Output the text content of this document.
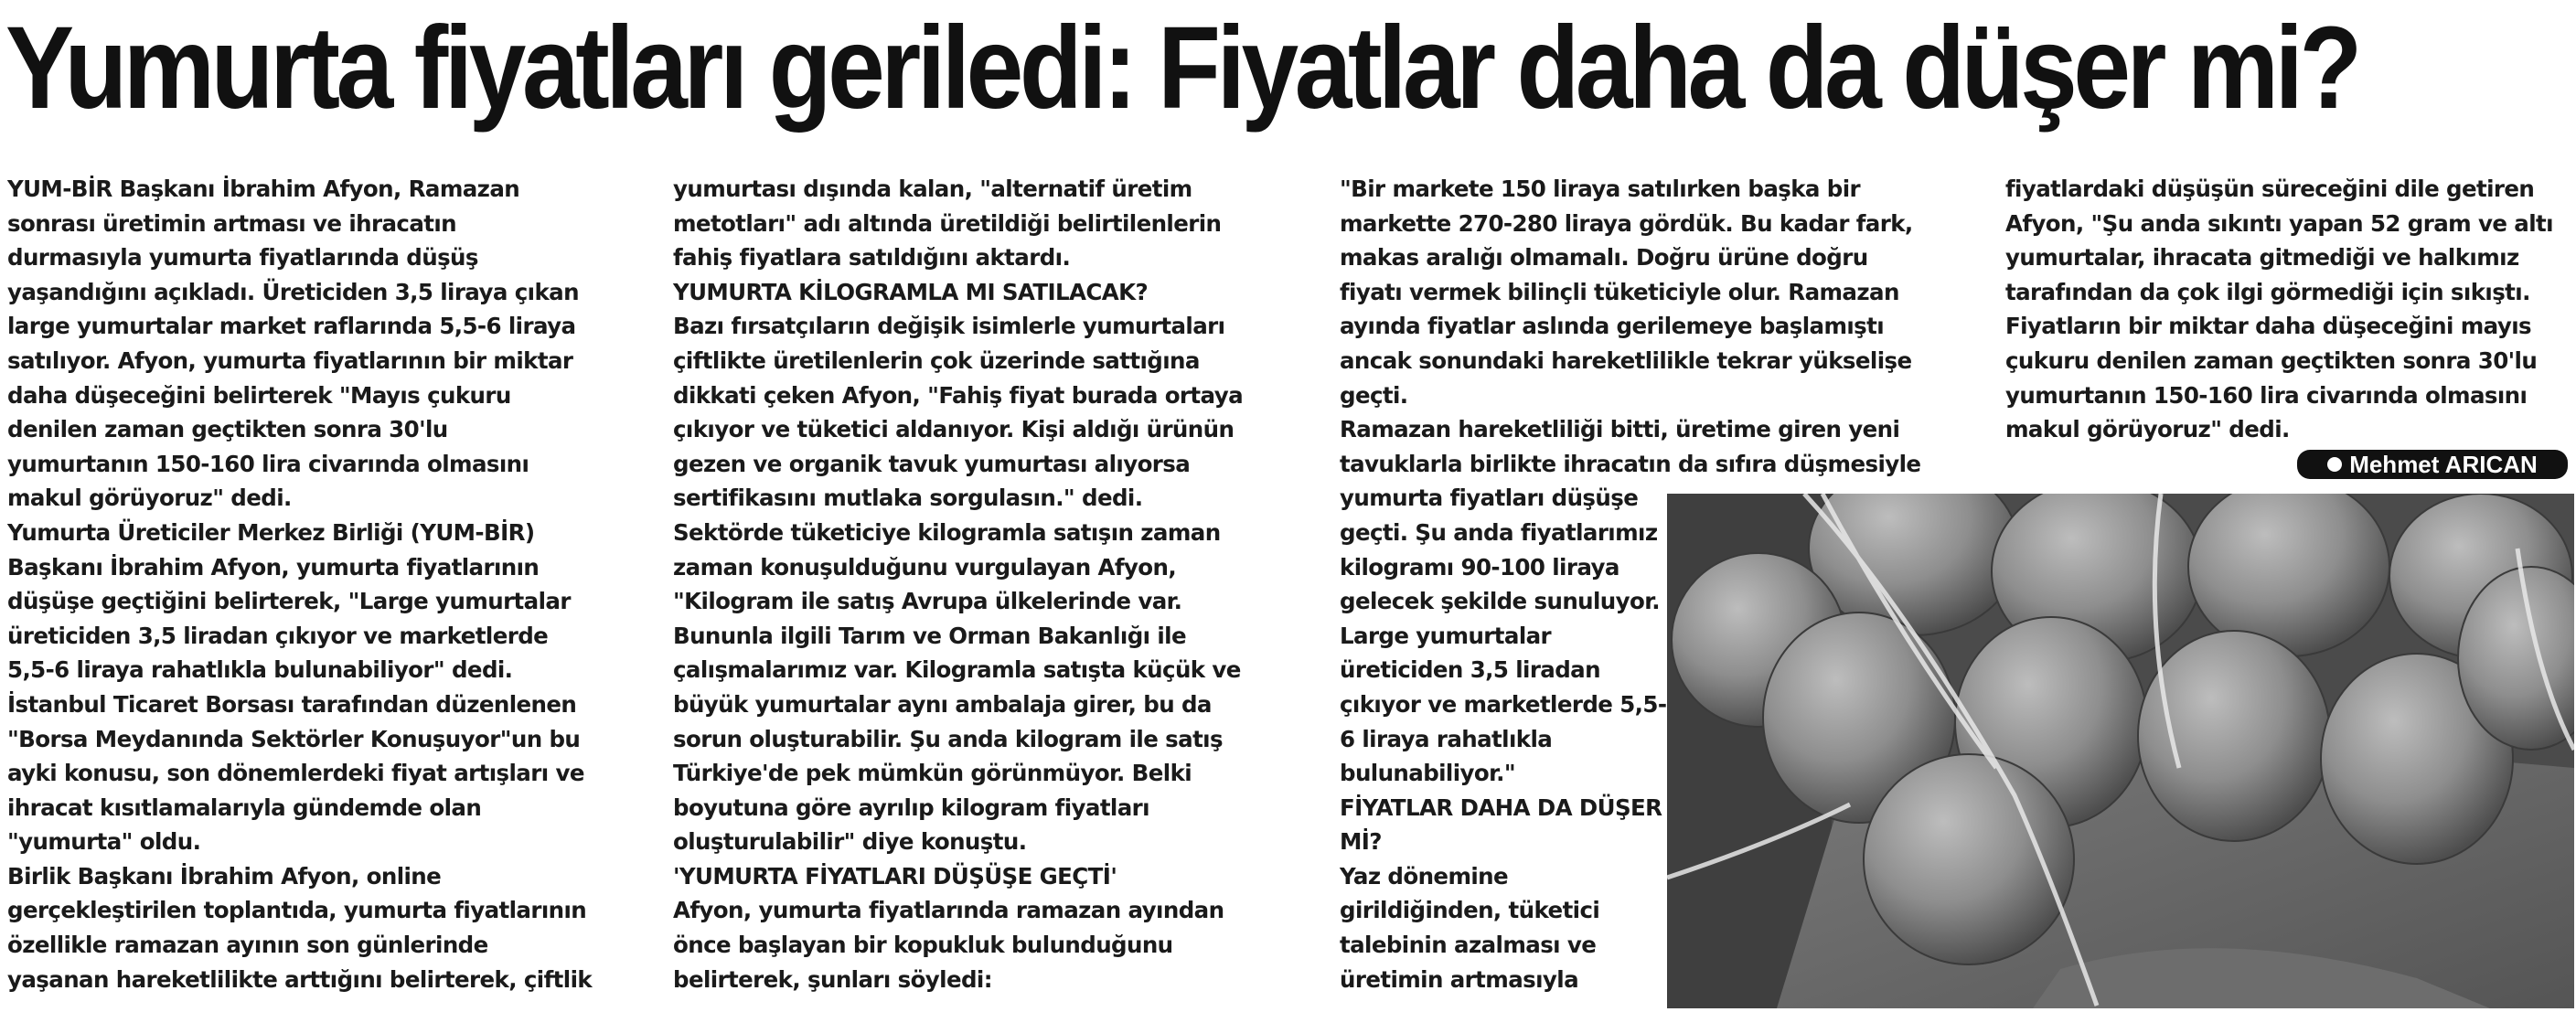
Yumurta fiyatları geriledi: Fiyatlar daha da düşer mi?

YUM-BİR Başkanı İbrahim Afyon, Ramazan sonrası üretimin artması ve ihracatın durmasıyla yumurta fiyatlarında düşüş yaşandığını açıkladı. Üreticiden 3,5 liraya çıkan large yumurtalar market raflarında 5,5-6 liraya satılıyor. Afyon, yumurta fiyatlarının bir miktar daha düşeceğini belirterek "Mayıs çukuru denilen zaman geçtikten sonra 30'lu yumurtanın 150-160 lira civarında olmasını makul görüyoruz" dedi.

Yumurta Üreticiler Merkez Birliği (YUM-BİR) Başkanı İbrahim Afyon, yumurta fiyatlarının düşüşe geçtiğini belirterek, "Large yumurtalar üreticiden 3,5 liradan çıkıyor ve marketlerde 5,5-6 liraya rahatlıkla bulunabiliyor" dedi.

İstanbul Ticaret Borsası tarafından düzenlenen "Borsa Meydanında Sektörler Konuşuyor"un bu ayki konusu, son dönemlerdeki fiyat artışları ve ihracat kısıtlamalarıyla gündemde olan "yumurta" oldu.

Birlik Başkanı İbrahim Afyon, online gerçekleştirilen toplantıda, yumurta fiyatlarının özellikle ramazan ayının son günlerinde yaşanan hareketlilikte arttığını belirterek, çiftlik

yumurtası dışında kalan, "alternatif üretim metotları" adı altında üretildiği belirtilenlerin fahiş fiyatlara satıldığını aktardı.

YUMURTA KİLOGRAMLA MI SATILACAK?

Bazı fırsatçıların değişik isimlerle yumurtaları çiftlikte üretilenlerin çok üzerinde sattığına dikkati çeken Afyon, "Fahiş fiyat burada ortaya çıkıyor ve tüketici aldanıyor. Kişi aldığı ürünün gezen ve organik tavuk yumurtası alıyorsa sertifikasını mutlaka sorgulasın." dedi.

Sektörde tüketiciye kilogramla satışın zaman zaman konuşulduğunu vurgulayan Afyon, "Kilogram ile satış Avrupa ülkelerinde var. Bununla ilgili Tarım ve Orman Bakanlığı ile çalışmalarımız var. Kilogramla satışta küçük ve büyük yumurtalar aynı ambalaja girer, bu da sorun oluşturabilir. Şu anda kilogram ile satış Türkiye'de pek mümkün görünmüyor. Belki boyutuna göre ayrılıp kilogram fiyatları oluşturulabilir" diye konuştu.

'YUMURTA FİYATLARI DÜŞÜŞE GEÇTİ'

Afyon, yumurta fiyatlarında ramazan ayından önce başlayan bir kopukluk bulunduğunu belirterek, şunları söyledi:

"Bir markete 150 liraya satılırken başka bir markette 270-280 liraya gördük. Bu kadar fark, makas aralığı olmamalı. Doğru ürüne doğru fiyatı vermek bilinçli tüketiciyle olur. Ramazan ayında fiyatlar aslında gerilemeye başlamıştı ancak sonundaki hareketlilikle tekrar yükselişe geçti.

Ramazan hareketliliği bitti, üretime giren yeni tavuklarla birlikte ihracatın da sıfıra düşmesiyle

yumurta fiyatları düşüşe geçti. Şu anda fiyatlarımız kilogramı 90-100 liraya gelecek şekilde sunuluyor. Large yumurtalar üreticiden 3,5 liradan çıkıyor ve marketlerde 5,5-6 liraya rahatlıkla bulunabiliyor."

FİYATLAR DAHA DA DÜŞER Mİ?

Yaz dönemine girildiğinden, tüketici talebinin azalması ve üretimin artmasıyla

fiyatlardaki düşüşün süreceğini dile getiren Afyon, "Şu anda sıkıntı yapan 52 gram ve altı yumurtalar, ihracata gitmediği ve halkımız tarafından da çok ilgi görmediği için sıkıştı. Fiyatların bir miktar daha düşeceğini mayıs çukuru denilen zaman geçtikten sonra 30'lu yumurtanın 150-160 lira civarında olmasını makul görüyoruz" dedi.

Mehmet ARICAN
